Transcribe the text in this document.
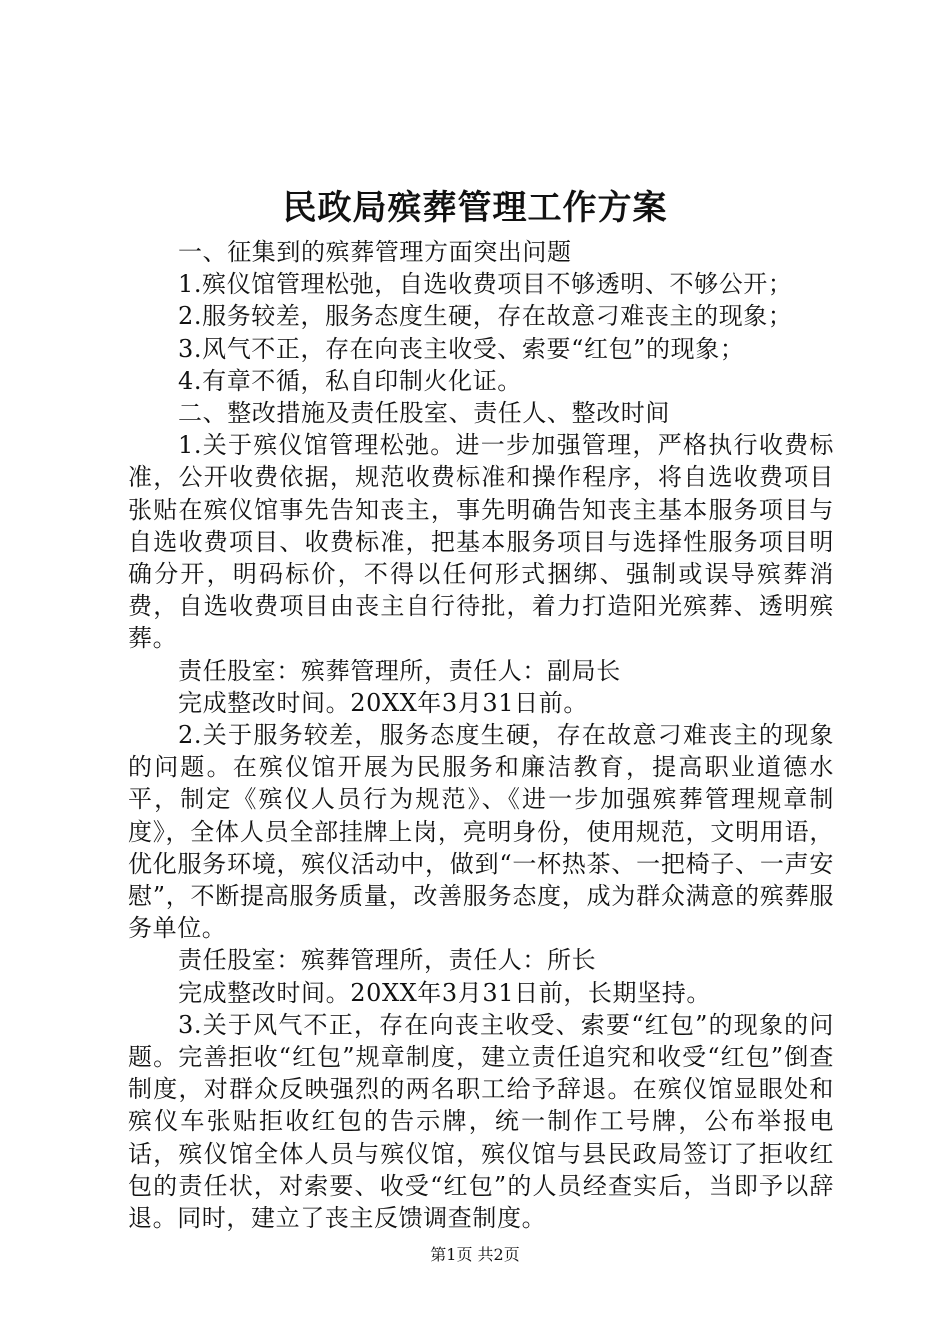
民政局殡葬管理工作方案

一、征集到的殡葬管理方面突出问题

1.殡仪馆管理松弛，自选收费项目不够透明、不够公开；

2.服务较差，服务态度生硬，存在故意刁难丧主的现象；

3.风气不正，存在向丧主收受、索要“红包”的现象；

4.有章不循，私自印制火化证。

二、整改措施及责任股室、责任人、整改时间

1.关于殡仪馆管理松弛。进一步加强管理，严格执行收费标准，公开收费依据，规范收费标准和操作程序，将自选收费项目张贴在殡仪馆事先告知丧主，事先明确告知丧主基本服务项目与自选收费项目、收费标准，把基本服务项目与选择性服务项目明确分开，明码标价，不得以任何形式捆绑、强制或误导殡葬消费，自选收费项目由丧主自行待批，着力打造阳光殡葬、透明殡葬。

责任股室：殡葬管理所，责任人：副局长

完成整改时间。20XX年3月31日前。

2.关于服务较差，服务态度生硬，存在故意刁难丧主的现象的问题。在殡仪馆开展为民服务和廉洁教育，提高职业道德水平，制定《殡仪人员行为规范》、《进一步加强殡葬管理规章制度》，全体人员全部挂牌上岗，亮明身份，使用规范，文明用语，优化服务环境，殡仪活动中，做到“一杯热茶、一把椅子、一声安慰”，不断提高服务质量，改善服务态度，成为群众满意的殡葬服务单位。

责任股室：殡葬管理所，责任人：所长

完成整改时间。20XX年3月31日前，长期坚持。

3.关于风气不正，存在向丧主收受、索要“红包”的现象的问题。完善拒收“红包”规章制度，建立责任追究和收受“红包”倒查制度，对群众反映强烈的两名职工给予辞退。在殡仪馆显眼处和殡仪车张贴拒收红包的告示牌，统一制作工号牌，公布举报电话，殡仪馆全体人员与殡仪馆，殡仪馆与县民政局签订了拒收红包的责任状，对索要、收受“红包”的人员经查实后，当即予以辞退。同时，建立了丧主反馈调查制度。

第1页 共2页
